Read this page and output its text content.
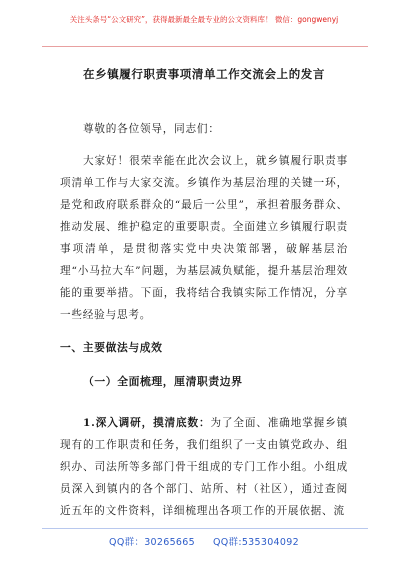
关注头条号“公文研究”，获得最新最全最专业的公文资料库！ 微信：gongwenyj
在乡镇履行职责事项清单工作交流会上的发言
尊敬的各位领导，同志们：
大家好！很荣幸能在此次会议上，就乡镇履行职责事项清单工作与大家交流。乡镇作为基层治理的关键一环，是党和政府联系群众的“最后一公里”，承担着服务群众、推动发展、维护稳定的重要职责。全面建立乡镇履行职责事项清单，是贯彻落实党中央决策部署，破解基层治理“小马拉大车”问题，为基层减负赋能，提升基层治理效能的重要举措。下面，我将结合我镇实际工作情况，分享一些经验与思考。
一、主要做法与成效
（一）全面梳理，厘清职责边界
1.深入调研，摸清底数：为了全面、准确地掌握乡镇现有的工作职责和任务，我们组织了一支由镇党政办、组织办、司法所等多部门骨干组成的专门工作小组。小组成员深入到镇内的各个部门、站所、村（社区），通过查阅近五年的文件资料，详细梳理出各项工作的开展依据、流
QQ群：30265665 QQ群:535304092
